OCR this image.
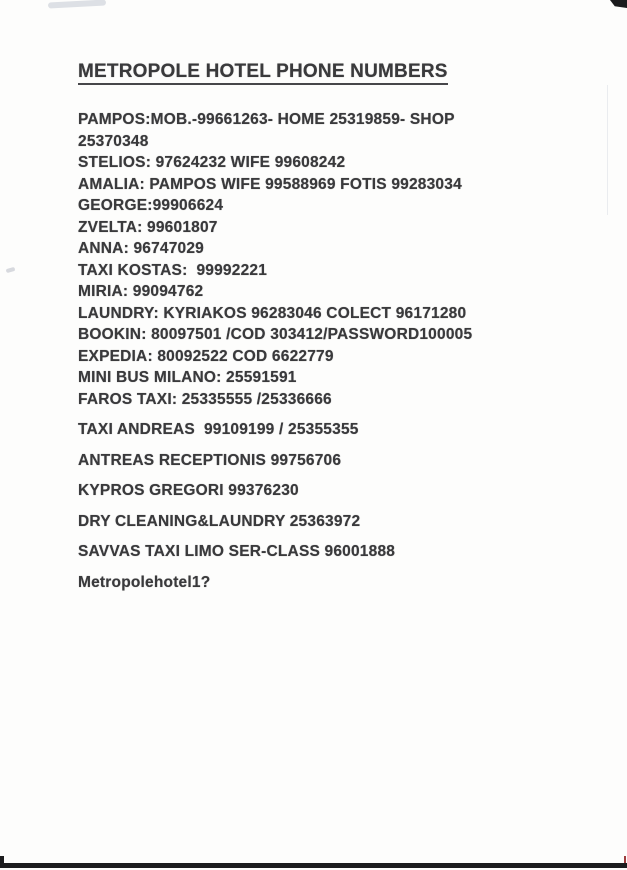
METROPOLE HOTEL PHONE NUMBERS
PAMPOS:MOB.-99661263- HOME 25319859- SHOP
25370348
STELIOS: 97624232 WIFE 99608242
AMALIA: PAMPOS WIFE 99588969 FOTIS 99283034
GEORGE:99906624
ZVELTA: 99601807
ANNA: 96747029
TAXI KOSTAS:  99992221
MIRIA: 99094762
LAUNDRY: KYRIAKOS 96283046 COLECT 96171280
BOOKIN: 80097501 /COD 303412/PASSWORD100005
EXPEDIA: 80092522 COD 6622779
MINI BUS MILANO: 25591591
FAROS TAXI: 25335555 /25336666
TAXI ANDREAS  99109199 / 25355355
ANTREAS RECEPTIONIS 99756706
KYPROS GREGORI 99376230
DRY CLEANING&LAUNDRY 25363972
SAVVAS TAXI LIMO SER-CLASS 96001888
Metropolehotel1?
